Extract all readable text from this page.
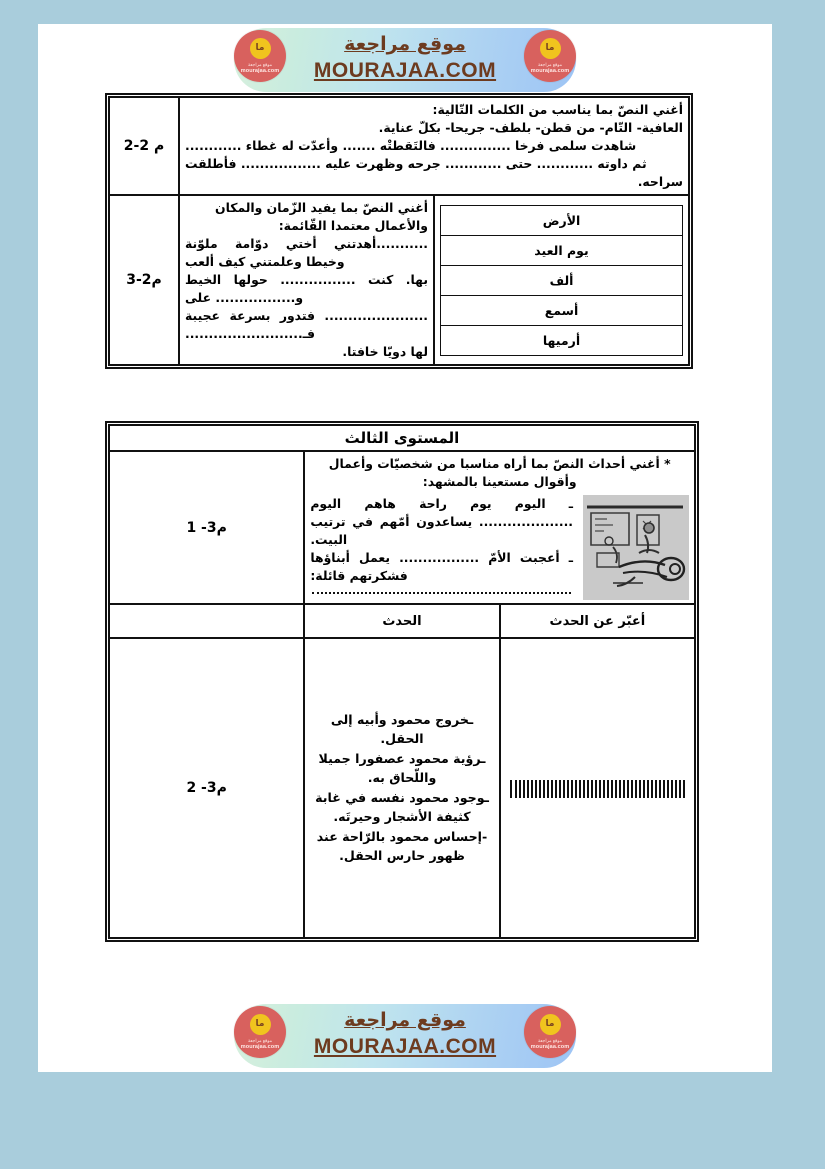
ما
موقع مراجعة
mourajaa.com
موقع مراجعة
MOURAJAA.COM
ما
موقع مراجعة
mourajaa.com

أغني النصّ بما يناسب من الكلمات التّالية:

العافية- التّام- من قطن- بلطف- جريحا- بكلّ عناية.

شاهدت سلمى فرخا ............... فالتَقطتْه ....... وأعدّت له غطاء ............

ثم داوته ............ حتى ............ جرحه وظهرت عليه ................. فأطلقت

سراحه.

	م 2-2

الأرض
يوم العيد
ألف
أسمع
أرميها

أغني النصّ بما يفيد الزّمان والمكان والأعمال معتمدا القّائمة:

...........أهدتني أختي دوّامة ملوّنة وخيطا وعلمتني كيف ألعب

بها. كنت ................ حولها الخيط و................. على

...................... فتدور بسرعة عجيبة فـ.........................

لها دويّا خافتا.

	م2-3
المستوى الثالث		

* أغني أحداث النصّ بما أراه مناسبا من شخصيّات وأعمال وأقوال مستعينا بالمشهد:

ـ اليوم يوم راحة هاهم اليوم .................... يساعدون أمّهم في ترتيب البيت.

ـ أعجبت الأمّ ................. يعمل أبناؤها فشكرتهم قائلة:		م3- 1
أعبّر عن الحدث	الحدث	

	ـخروج محمود وأبيه إلى الحقل.

ـرؤية محمود عصفورا جميلا واللّحاق به.

ـوجود محمود نفسه في غابة كثيفة الأشجار وحيرتَه.

-إحساس محمود بالرّاحة عند ظهور حارس الحقل.	م3- 2
ما
موقع مراجعة
mourajaa.com
موقع مراجعة
MOURAJAA.COM
ما
موقع مراجعة
mourajaa.com
